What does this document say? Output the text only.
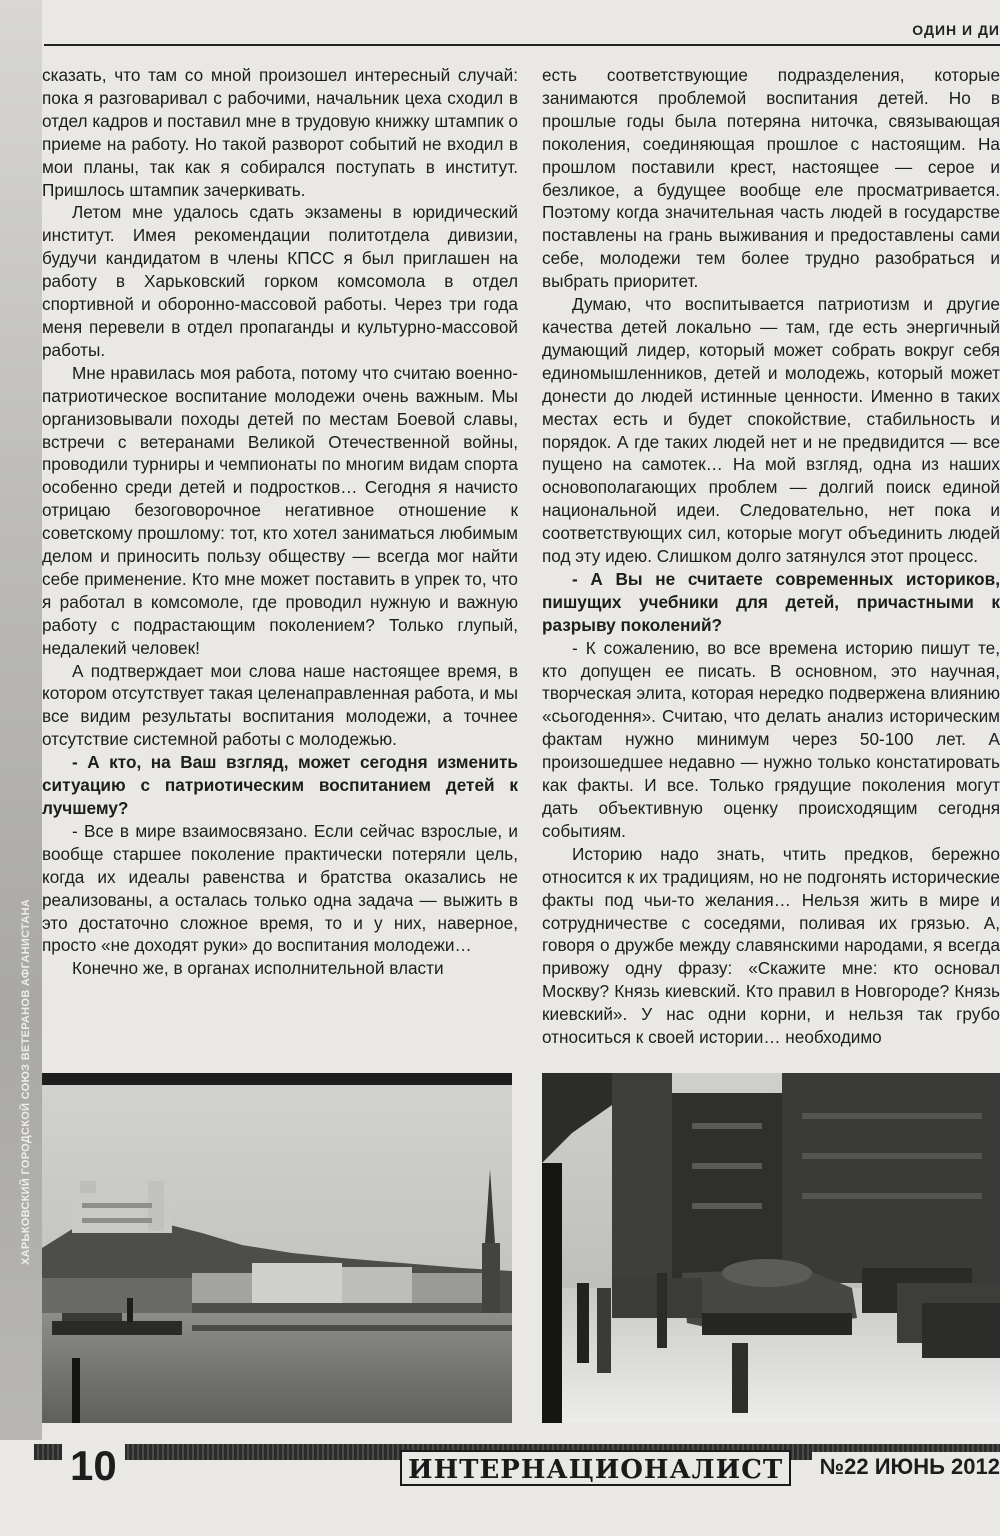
ХАРЬКОВСКИЙ ГОРОДСКОЙ СОЮЗ ВЕТЕРАНОВ АФГАНИСТАНА
ОДИН И ДИ

сказать, что там со мной произошел интересный случай: пока я разговаривал с рабочими, начальник цеха сходил в отдел кадров и поставил мне в трудовую книжку штампик о приеме на работу. Но такой разворот событий не входил в мои планы, так как я собирался поступать в институт. Пришлось штампик зачеркивать.

Летом мне удалось сдать экзамены в юридический институт. Имея рекомендации политотдела дивизии, будучи кандидатом в члены КПСС я был приглашен на работу в Харьковский горком комсомола в отдел спортивной и оборонно-массовой работы. Через три года меня перевели в отдел пропаганды и культурно-массовой работы.

Мне нравилась моя работа, потому что считаю военно-патриотическое воспитание молодежи очень важным. Мы организовывали походы детей по местам Боевой славы, встречи с ветеранами Великой Отечественной войны, проводили турниры и чемпионаты по многим видам спорта особенно среди детей и подростков… Сегодня я начисто отрицаю безоговорочное негативное отношение к советскому прошлому: тот, кто хотел заниматься любимым делом и приносить пользу обществу — всегда мог найти себе применение. Кто мне может поставить в упрек то, что я работал в комсомоле, где проводил нужную и важную работу с подрастающим поколением? Только глупый, недалекий человек!

А подтверждает мои слова наше настоящее время, в котором отсутствует такая целенаправленная работа, и мы все видим результаты воспитания молодежи, а точнее отсутствие системной работы с молодежью.

- А кто, на Ваш взгляд, может сегодня изменить ситуацию с патриотическим воспитанием детей к лучшему?

- Все в мире взаимосвязано. Если сейчас взрослые, и вообще старшее поколение практически потеряли цель, когда их идеалы равенства и братства оказались не реализованы, а осталась только одна задача — выжить в это достаточно сложное время, то и у них, наверное, просто «не доходят руки» до воспитания молодежи…

Конечно же, в органах исполнительной власти

есть соответствующие подразделения, которые занимаются проблемой воспитания детей. Но в прошлые годы была потеряна ниточка, связывающая поколения, соединяющая прошлое с настоящим. На прошлом поставили крест, настоящее — серое и безликое, а будущее вообще еле просматривается. Поэтому когда значительная часть людей в государстве поставлены на грань выживания и предоставлены сами себе, молодежи тем более трудно разобраться и выбрать приоритет.

Думаю, что воспитывается патриотизм и другие качества детей локально — там, где есть энергичный думающий лидер, который может собрать вокруг себя единомышленников, детей и молодежь, который может донести до людей истинные ценности. Именно в таких местах есть и будет спокойствие, стабильность и порядок. А где таких людей нет и не предвидится — все пущено на самотек… На мой взгляд, одна из наших основополагающих проблем — долгий поиск единой национальной идеи. Следовательно, нет пока и соответствующих сил, которые могут объединить людей под эту идею. Слишком долго затянулся этот процесс.

- А Вы не считаете современных историков, пишущих учебники для детей, причастными к разрыву поколений?

- К сожалению, во все времена историю пишут те, кто допущен ее писать. В основном, это научная, творческая элита, которая нередко подвержена влиянию «сьогодення». Считаю, что делать анализ историческим фактам нужно минимум через 50-100 лет. А произошедшее недавно — нужно только констатировать как факты. И все. Только грядущие поколения могут дать объективную оценку происходящим сегодня событиям.

Историю надо знать, чтить предков, бережно относится к их традициям, но не подгонять исторические факты под чьи-то желания… Нельзя жить в мире и сотрудничестве с соседями, поливая их грязью. А, говоря о дружбе между славянскими народами, я всегда привожу одну фразу: «Скажите мне: кто основал Москву? Князь киевский. Кто правил в Новгороде? Князь киевский». У нас одни корни, и нельзя так грубо относиться к своей истории… необходимо

10	ИНТЕРНАЦИОНАЛИСТ	№22 ИЮНЬ 2012
